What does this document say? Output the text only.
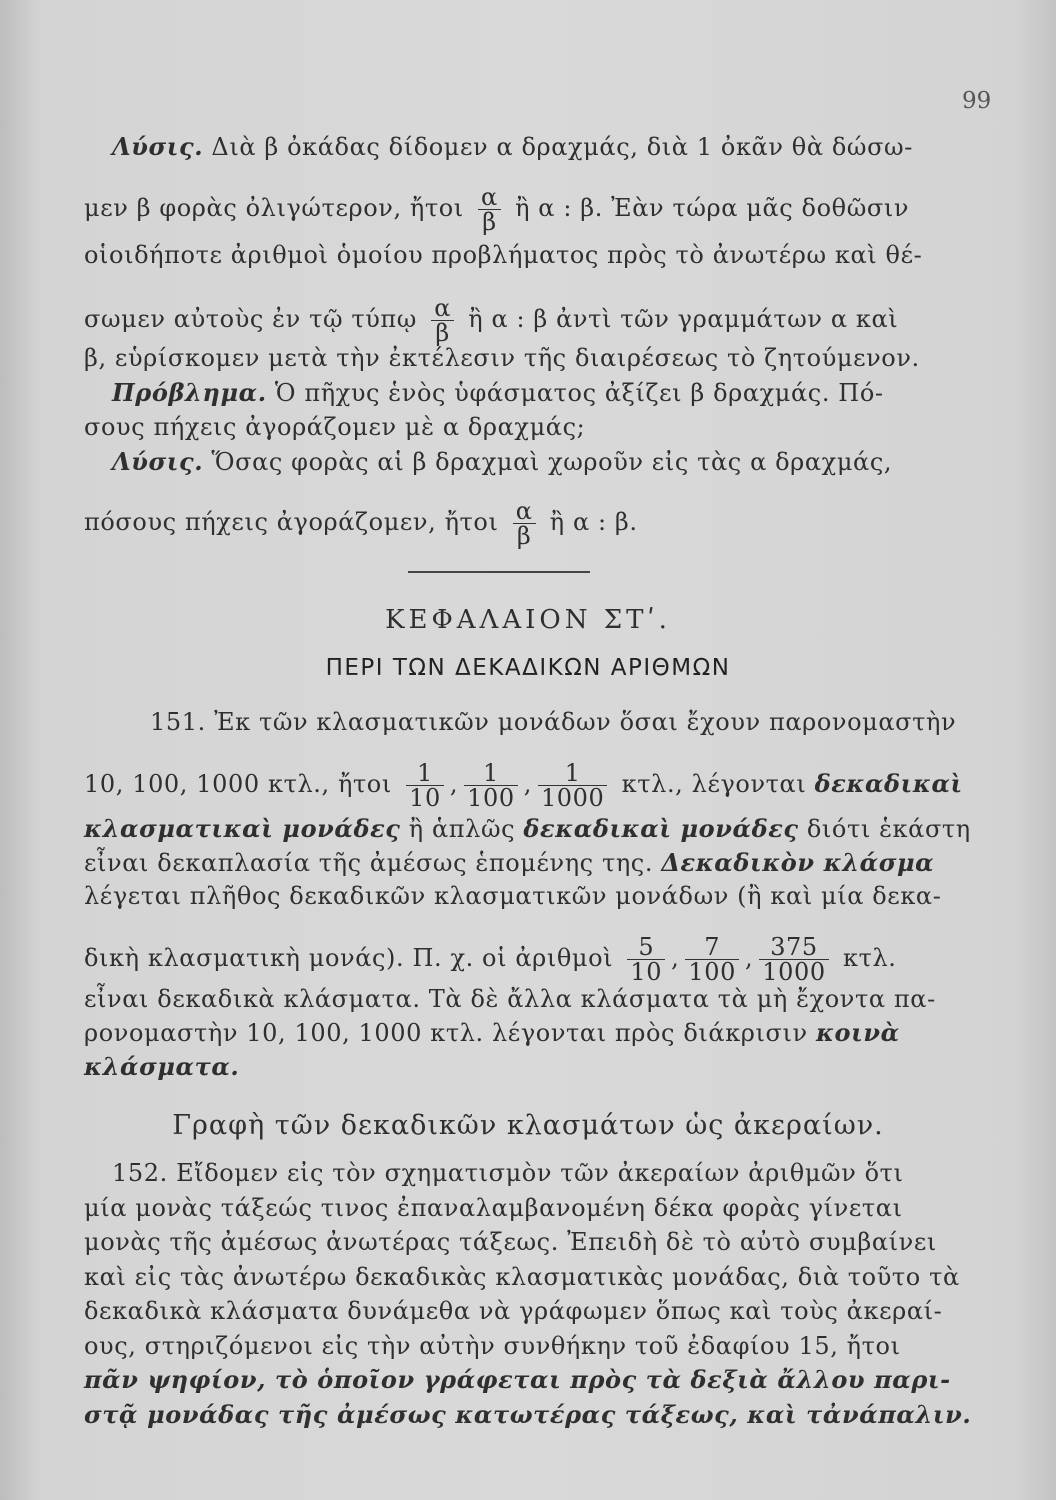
99
Λύσις. Διὰ β ὀκάδας δίδομεν α δραχμάς, διὰ 1 ὀκᾶν θὰ δώσω-
μεν β φορὰς ὀλιγώτερον, ἤτοι $\frac{\alpha}{\beta}$ ἢ α : β. Ἐὰν τώρα μᾶς δοθῶσιν
οἱοιδήποτε ἀριθμοὶ ὁμοίου προβλήματος πρὸς τὸ ἀνωτέρω καὶ θέ-
σωμεν αὐτοὺς ἐν τῷ τύπῳ $\frac{\alpha}{\beta}$ ἢ α : β ἀντὶ τῶν γραμμάτων α καὶ
β, εὑρίσκομεν μετὰ τὴν ἐκτέλεσιν τῆς διαιρέσεως τὸ ζητούμενον.
Πρόβλημα. Ὁ πῆχυς ἑνὸς ὑφάσματος ἀξίζει β δραχμάς. Πό-
σους πήχεις ἀγοράζομεν μὲ α δραχμάς;
Λύσις. Ὅσας φορὰς αἱ β δραχμαὶ χωροῦν εἰς τὰς α δραχμάς,
πόσους πήχεις ἀγοράζομεν, ἤτοι $\frac{\alpha}{\beta}$ ἢ α : β.
ΚΕΦΑΛΑΙΟΝ ΣΤʹ.
ΠΕΡΙ ΤΩΝ ΔΕΚΑΔΙΚΩΝ ΑΡΙΘΜΩΝ
151. Ἐκ τῶν κλασματικῶν μονάδων ὅσαι ἔχουν παρονομαστὴν
10, 100, 1000 κτλ., ἤτοι $\frac{1}{10}$ , $\frac{1}{100}$ , $\frac{1}{1000} \kappa\tau\lambda$., λέγονται δεκαδικαὶ
κλασματικαὶ μονάδες ἢ ἁπλῶς δεκαδικαὶ μονάδες διότι ἑκάστη
εἶναι δεκαπλασία τῆς ἀμέσως ἑπομένης της. Δεκαδικὸν κλάσμα
λέγεται πλῆθος δεκαδικῶν κλασματικῶν μονάδων (ἢ καὶ μία δεκα-
δικὴ κλασματικὴ μονάς). Π. χ. οἱ ἀριθμοὶ $\frac{5}{10}$ , $\frac{7}{100}$ , $\frac{375}{1000} \kappa\tau\lambda$.
εἶναι δεκαδικὰ κλάσματα. Τὰ δὲ ἄλλα κλάσματα τὰ μὴ ἔχοντα πα-
ρονομαστὴν 10, 100, 1000 κτλ. λέγονται πρὸς διάκρισιν κοινὰ
κλάσματα.
Γραφὴ τῶν δεκαδικῶν κλασμάτων ὡς ἀκεραίων.
152. Εἴδομεν εἰς τὸν σχηματισμὸν τῶν ἀκεραίων ἀριθμῶν ὅτι
μία μονὰς τάξεώς τινος ἐπαναλαμβανομένη δέκα φορὰς γίνεται
μονὰς τῆς ἀμέσως ἀνωτέρας τάξεως. Ἐπειδὴ δὲ τὸ αὐτὸ συμβαίνει
καὶ εἰς τὰς ἀνωτέρω δεκαδικὰς κλασματικὰς μονάδας, διὰ τοῦτο τὰ
δεκαδικὰ κλάσματα δυνάμεθα νὰ γράφωμεν ὅπως καὶ τοὺς ἀκεραί-
ους, στηριζόμενοι εἰς τὴν αὐτὴν συνθήκην τοῦ ἐδαφίου 15, ἤτοι
πᾶν ψηφίον, τὸ ὁποῖον γράφεται πρὸς τὰ δεξιὰ ἄλλου παρι-
στᾷ μονάδας τῆς ἀμέσως κατωτέρας τάξεως, καὶ τἀνάπαλιν.
